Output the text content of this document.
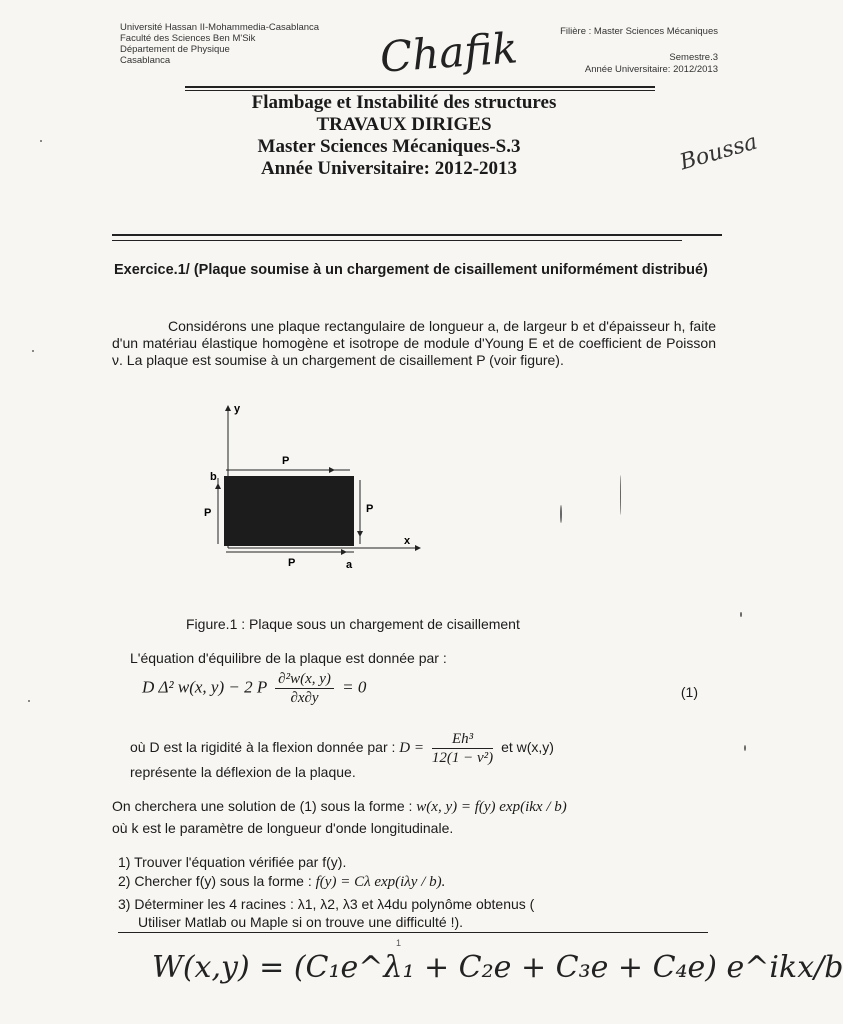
Université Hassan II-Mohammedia-Casablanca
Faculté des Sciences Ben M'Sik
Département de Physique
Casablanca
Filière : Master Sciences Mécaniques
Semestre.3
Année Universitaire: 2012/2013
Chafik
Boussa
Flambage et Instabilité des structures
TRAVAUX DIRIGES
Master Sciences Mécaniques-S.3
Année Universitaire: 2012-2013
Exercice.1/ (Plaque soumise à un chargement de cisaillement uniformément distribué)
Considérons une plaque rectangulaire de longueur a, de largeur b et d'épaisseur h, faite d'un matériau élastique homogène et isotrope de module d'Young E et de coefficient de Poisson ν. La plaque est soumise à un chargement de cisaillement P (voir figure).
y
x
b
a
P
P
P	P
Figure.1 : Plaque sous un chargement de cisaillement
L'équation d'équilibre de la plaque est donnée par :
D Δ² w(x, y) − 2 P $\frac{\text{∂²w(x, y)}}{\partial x\partial y} = 0$	(1)
où D est la rigidité à la flexion donnée par : $D = \frac{\text{Eh³}}{\text{12(1 − ν²)}}$ et w(x,y)
représente la déflexion de la plaque.
On cherchera une solution de (1) sous la forme : w(x, y) = f(y) exp(ikx / b)
où k est le paramètre de longueur d'onde longitudinale.
1) Trouver l'équation vérifiée par f(y).
2) Chercher f(y) sous la forme : f(y) = Cλ exp(iλy / b).
3) Déterminer les 4 racines : λ1, λ2, λ3 et λ4du polynôme obtenus (
Utiliser Matlab ou Maple si on trouve une difficulté !).
1
W(x,y) = (C₁e^λ₁ + C₂e + C₃e + C₄e) e^ikx/b
